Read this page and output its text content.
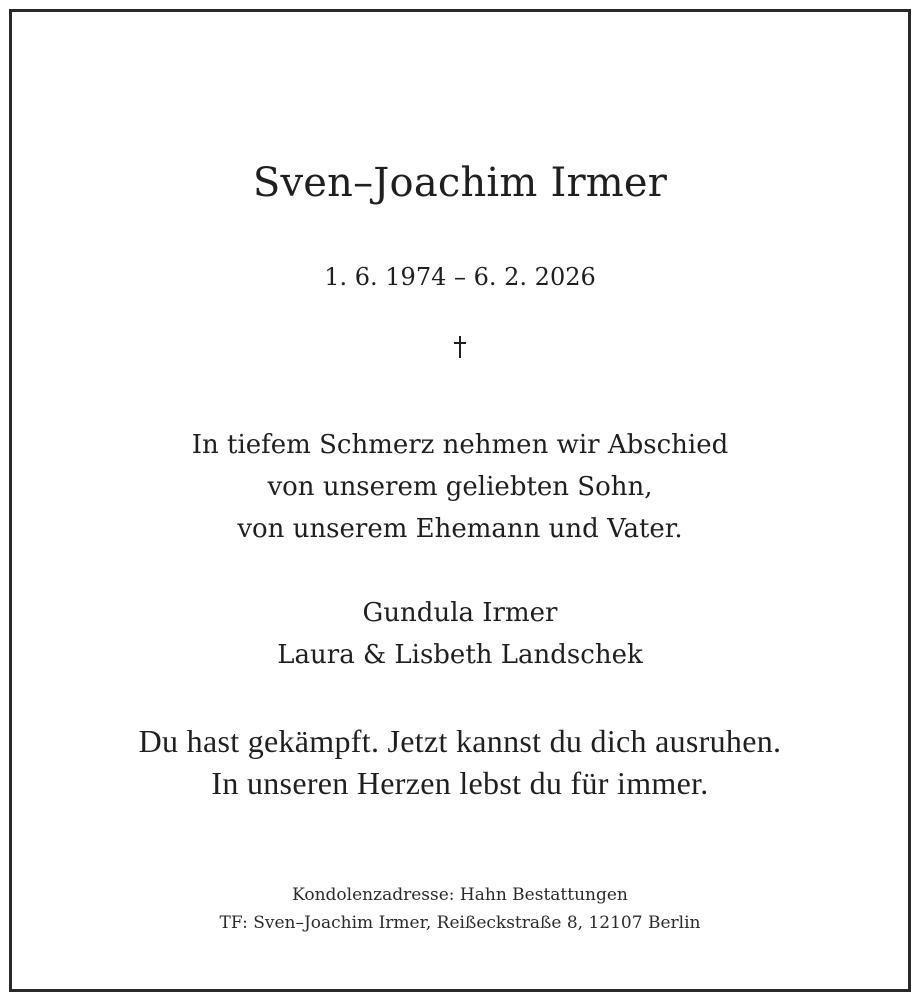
Sven–Joachim Irmer
1. 6. 1974 – 6. 2. 2026
In tiefem Schmerz nehmen wir Abschied
von unserem geliebten Sohn,
von unserem Ehemann und Vater.
Gundula Irmer
Laura & Lisbeth Landschek
Du hast gekämpft. Jetzt kannst du dich ausruhen.
In unseren Herzen lebst du für immer.
Kondolenzadresse: Hahn Bestattungen
TF: Sven–Joachim Irmer, Reißeckstraße 8, 12107 Berlin
